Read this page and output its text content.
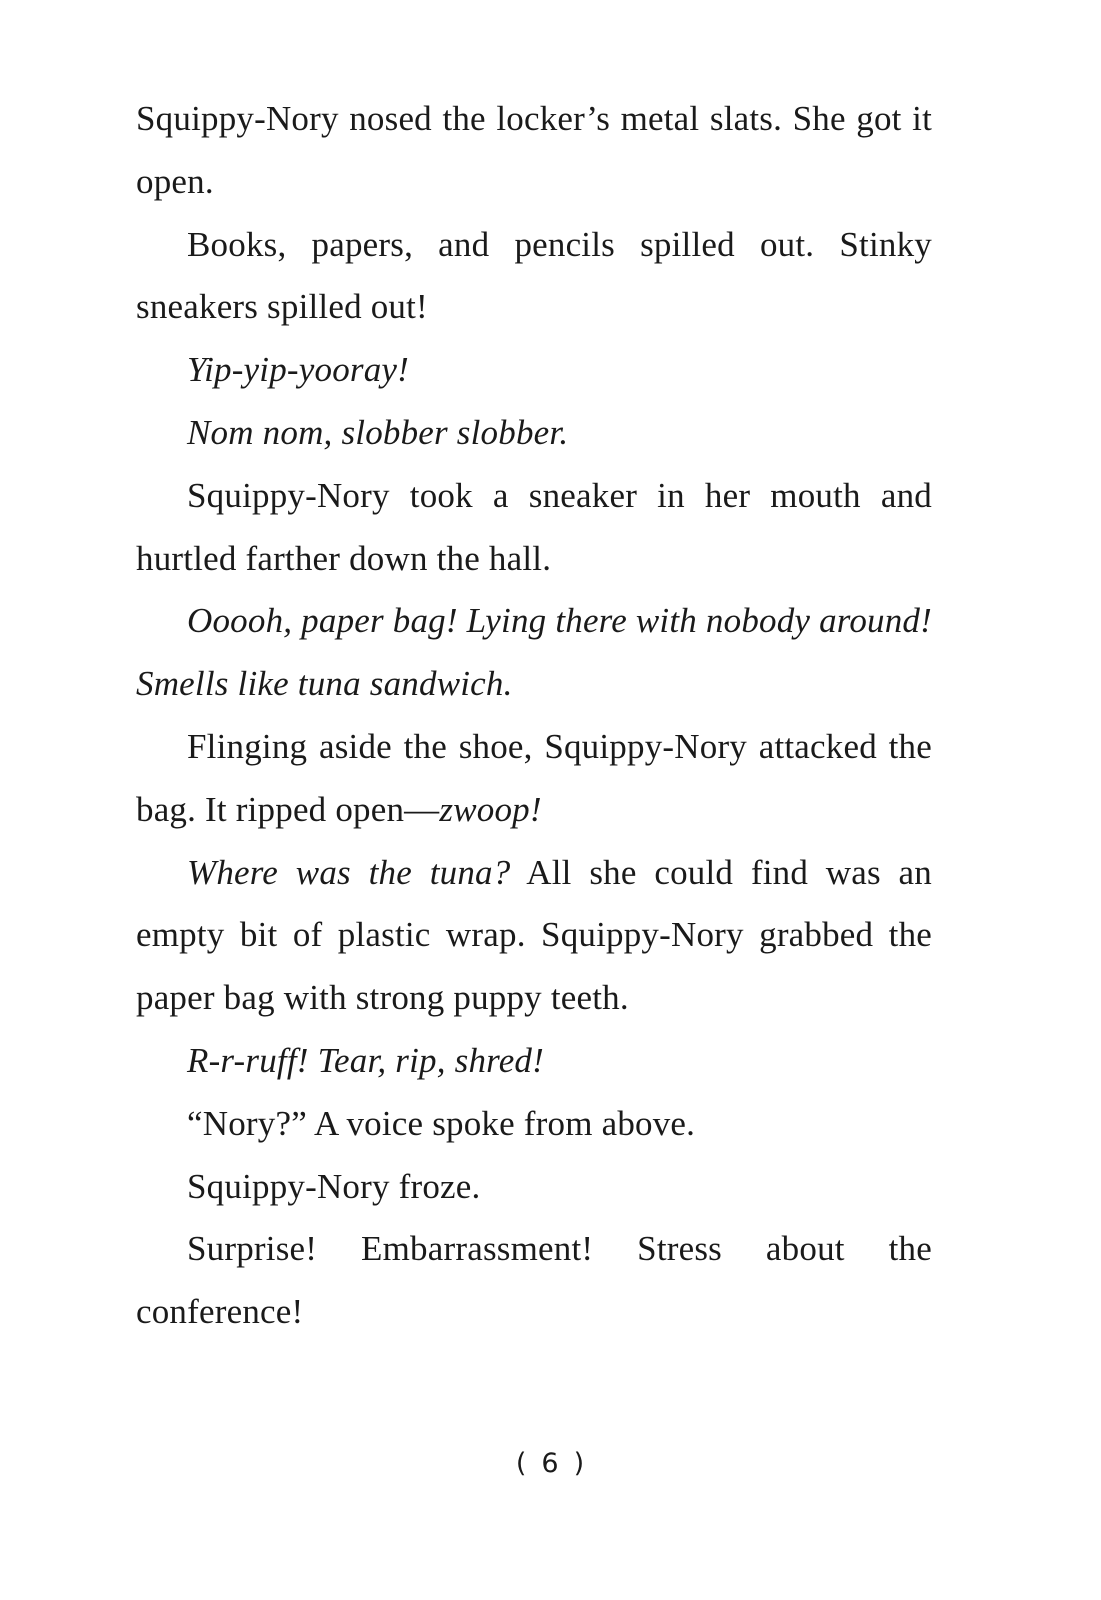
Squippy-Nory nosed the locker’s metal slats. She got it open.

Books, papers, and pencils spilled out. Stinky sneakers spilled out!

Yip-yip-yooray!

Nom nom, slobber slobber.

Squippy-Nory took a sneaker in her mouth and hurtled farther down the hall.

Ooooh, paper bag! Lying there with nobody around! Smells like tuna sandwich.

Flinging aside the shoe, Squippy-Nory attacked the bag. It ripped open—zwoop!

Where was the tuna? All she could find was an empty bit of plastic wrap. Squippy-Nory grabbed the paper bag with strong puppy teeth.

R-r-ruff! Tear, rip, shred!

“Nory?” A voice spoke from above.

Squippy-Nory froze.

Surprise! Embarrassment! Stress about the conference!

( 6 )
